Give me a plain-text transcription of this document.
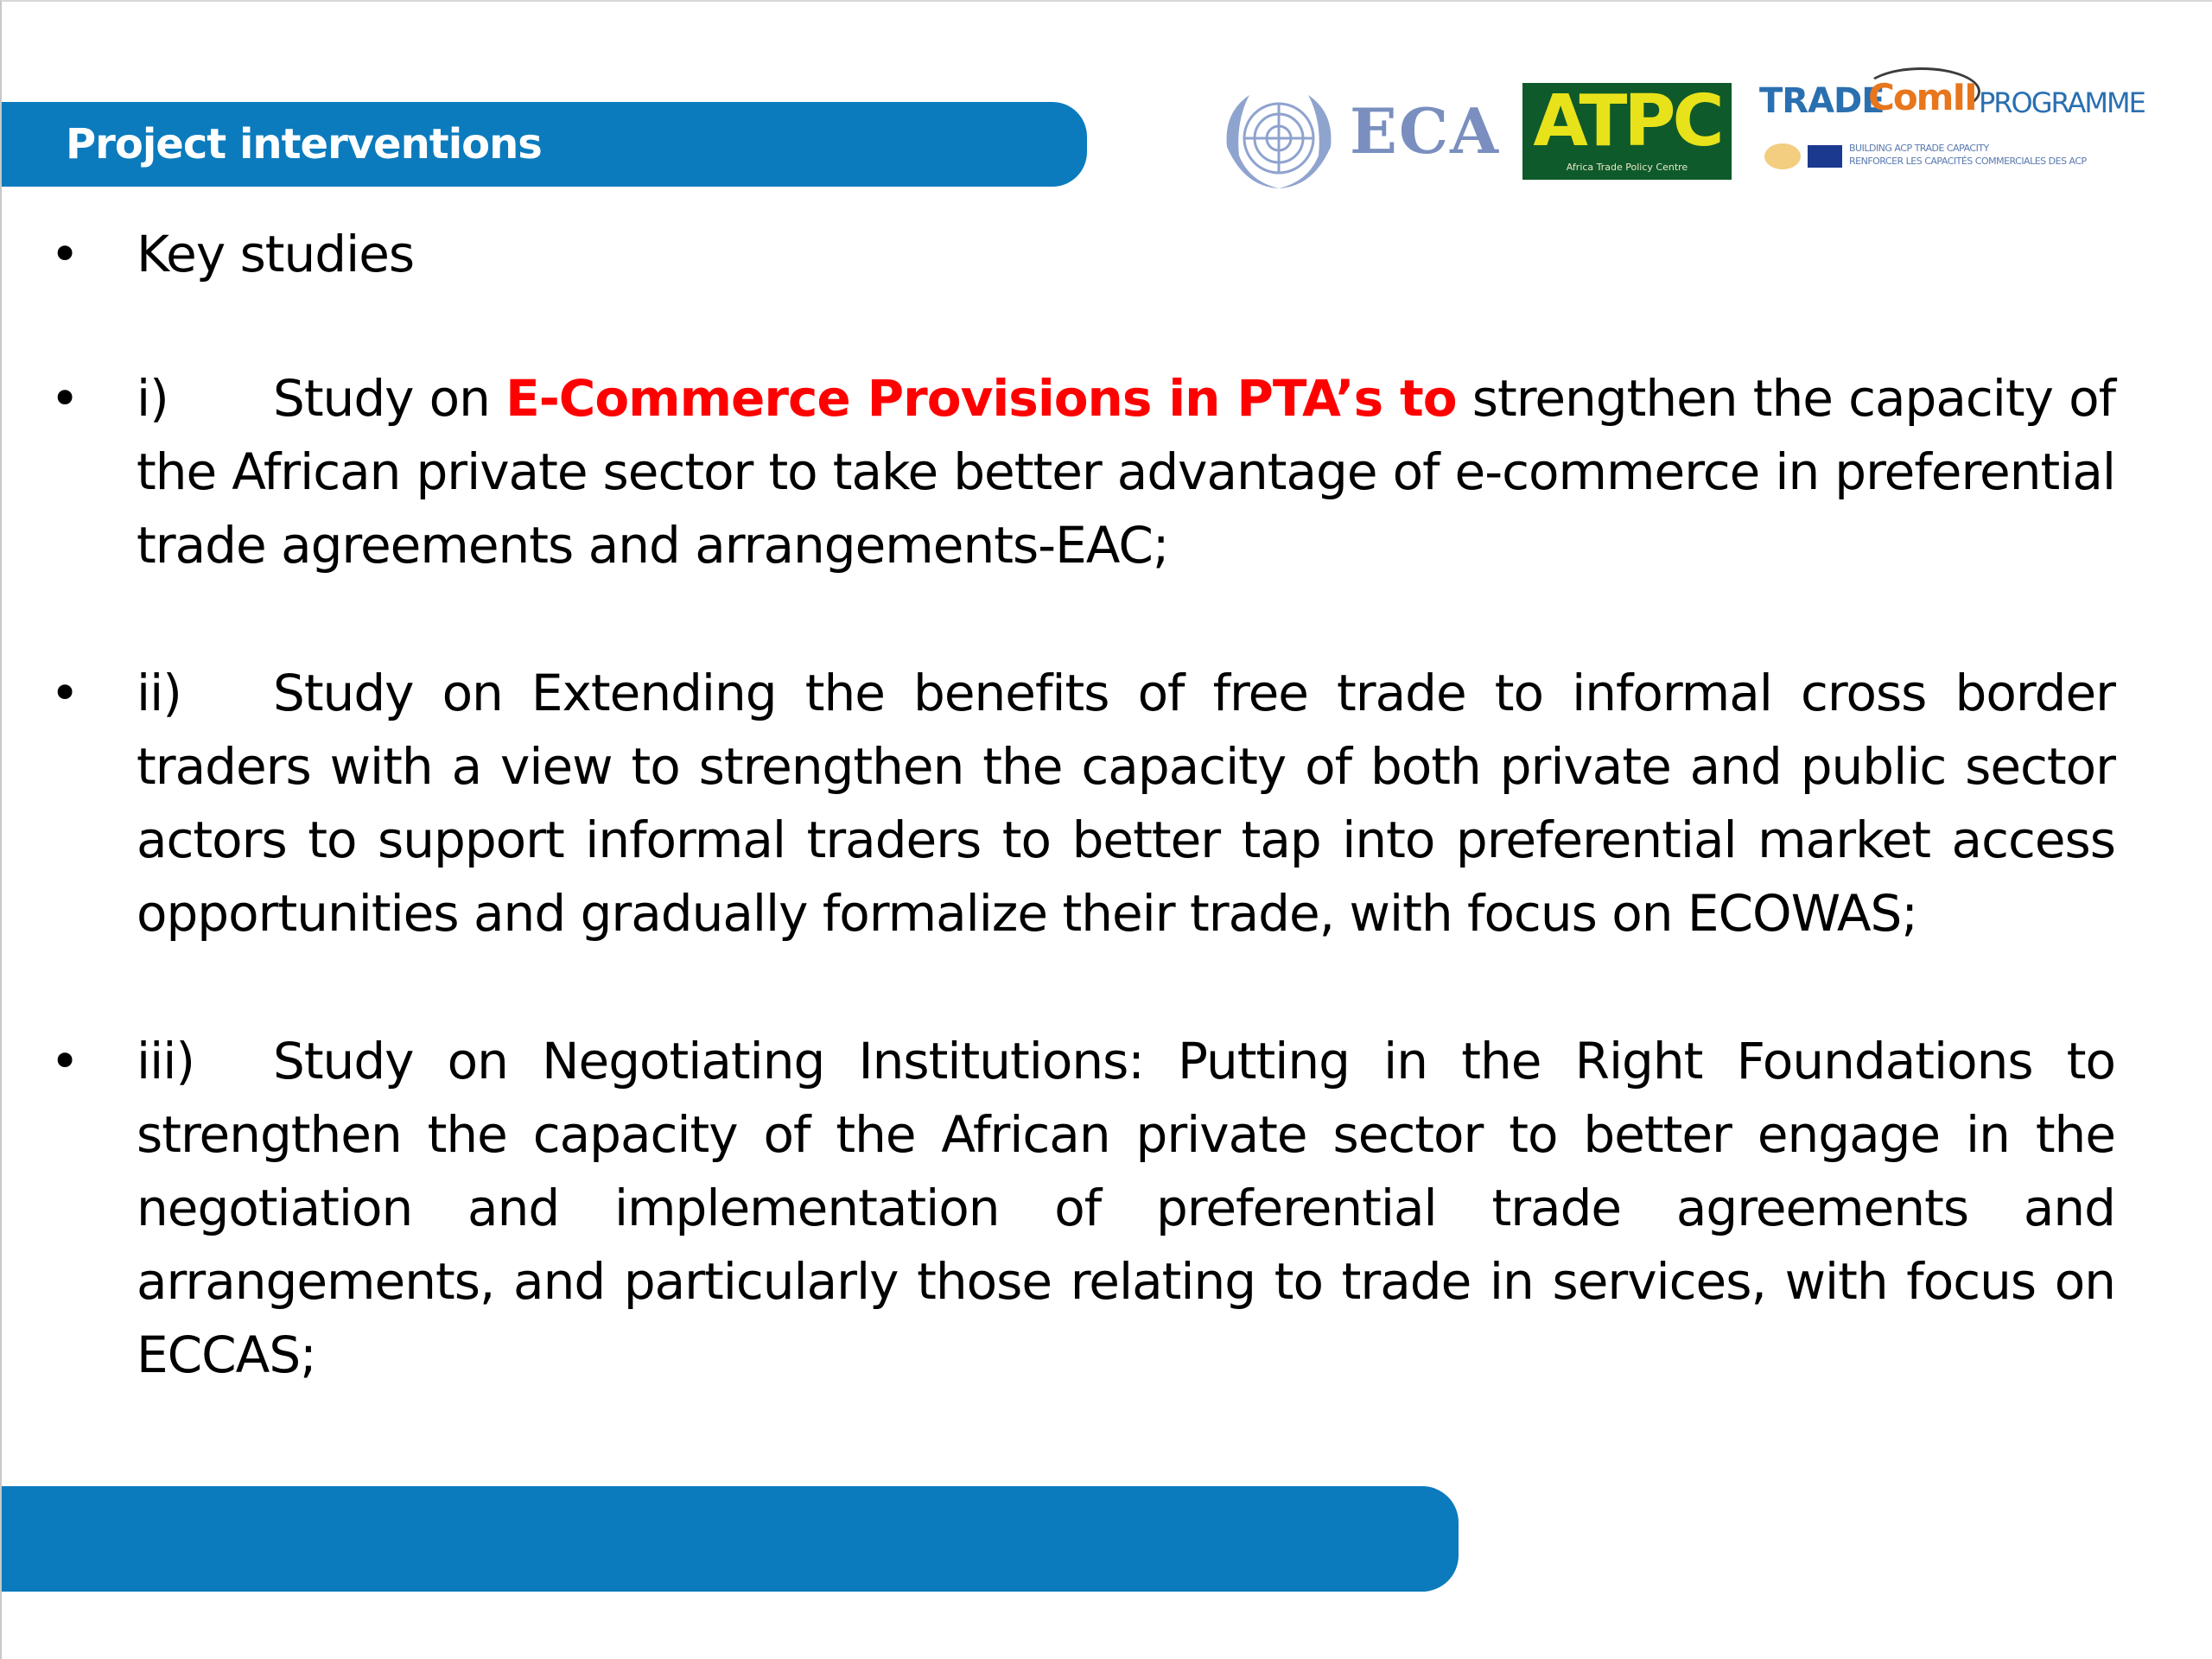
Project interventions	ECA ATPC
Africa Trade Policy Centre
TRADE
ComII PROGRAMME
BUILDING ACP TRADE CAPACITY
RENFORCER LES CAPACITÉS COMMERCIALES DES ACP
• Key studies
• i) Study on E-Commerce Provisions in PTA’s to strengthen the capacity of the African private sector to take better advantage of e-commerce in preferential trade agreements and arrangements-EAC;
• ii) Study on Extending the benefits of free trade to informal cross border traders with a view to strengthen the capacity of both private and public sector actors to support informal traders to better tap into preferential market access opportunities and gradually formalize their trade, with focus on ECOWAS;
• iii) Study on Negotiating Institutions: Putting in the Right Foundations to strengthen the capacity of the African private sector to better engage in the negotiation and implementation of preferential trade agreements and arrangements, and particularly those relating to trade in services, with focus on ECCAS;
